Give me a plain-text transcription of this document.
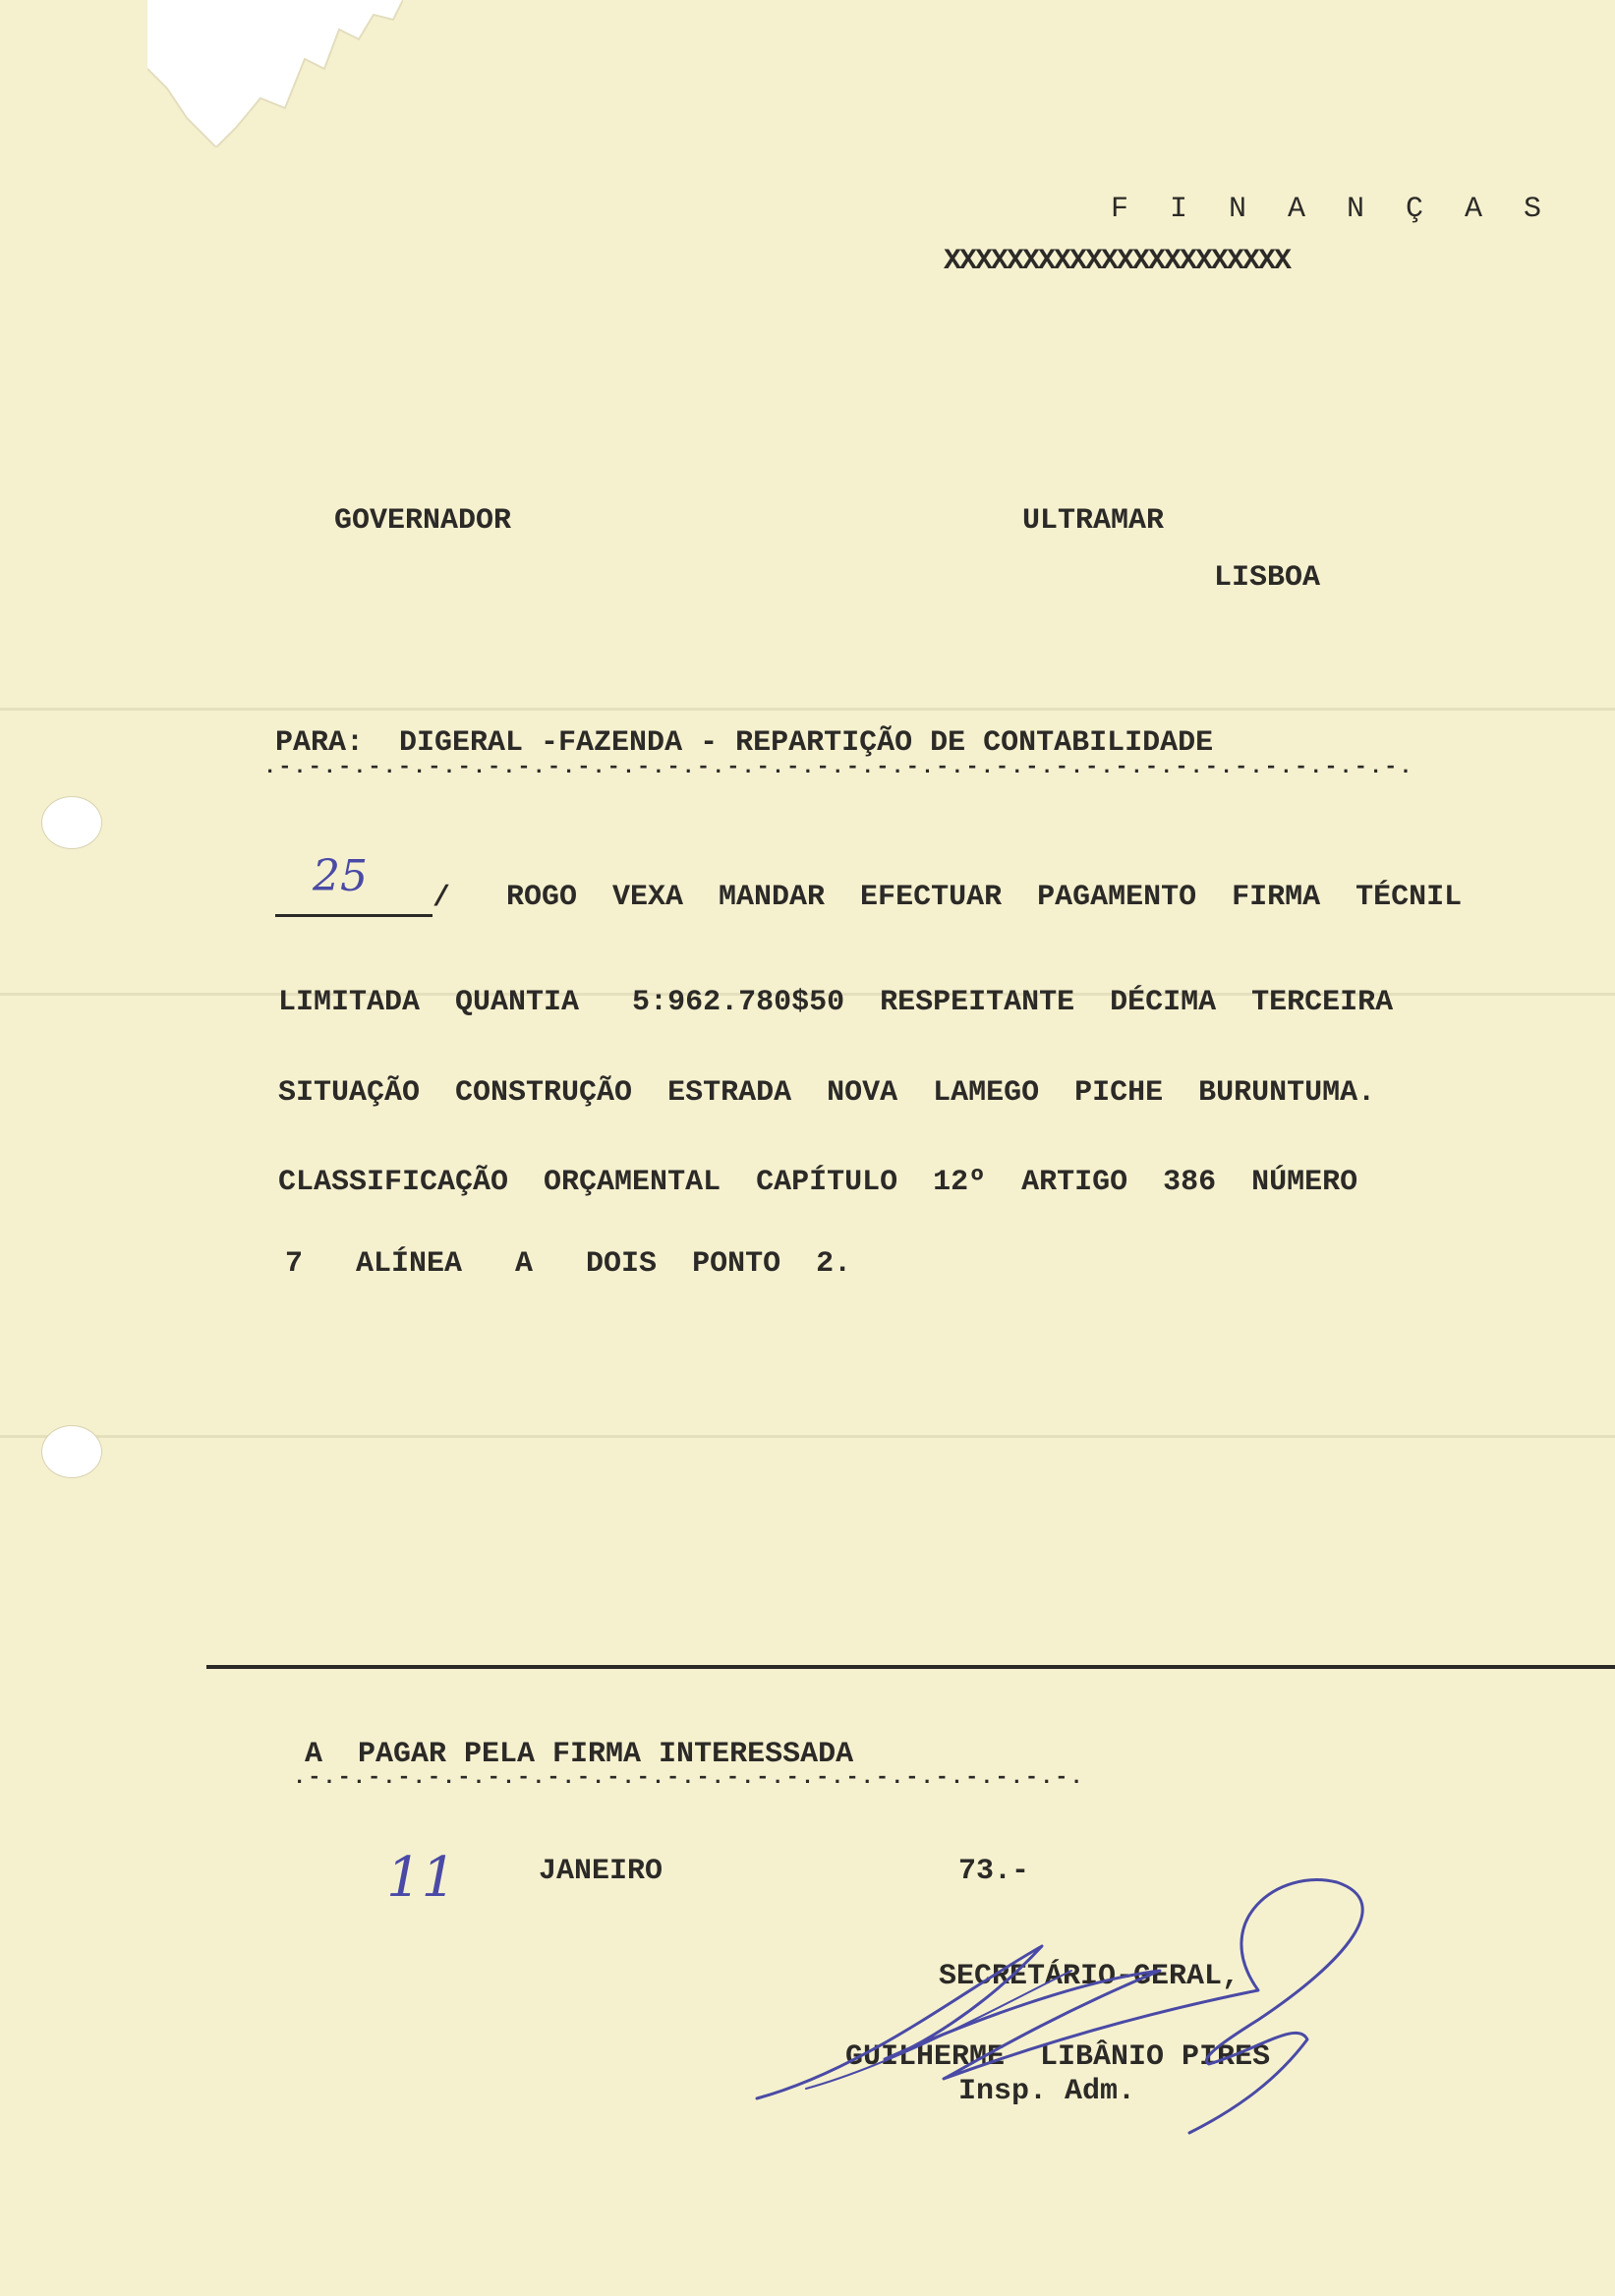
F I N A N Ç A S
XXXXXXXXXXXXXXXXXXXXXX
GOVERNADOR	ULTRAMAR
LISBOA
PARA:  DIGERAL -FAZENDA - REPARTIÇÃO DE CONTABILIDADE
.-.-.-.-.-.-.-.-.-.-.-.-.-.-.-.-.-.-.-.-.-.-.-.-.-.-.-.-.-.-.-.-.-.-.-.-.-.-.
25 / ROGO  VEXA  MANDAR  EFECTUAR  PAGAMENTO  FIRMA  TÉCNIL
LIMITADA  QUANTIA   5:962.780$50  RESPEITANTE  DÉCIMA  TERCEIRA
SITUAÇÃO  CONSTRUÇÃO  ESTRADA  NOVA  LAMEGO  PICHE  BURUNTUMA.
CLASSIFICAÇÃO  ORÇAMENTAL  CAPÍTULO  12º  ARTIGO  386  NÚMERO
7   ALÍNEA   A   DOIS  PONTO  2.
A  PAGAR PELA FIRMA INTERESSADA
.-.-.-.-.-.-.-.-.-.-.-.-.-.-.-.-.-.-.-.-.-.-.-.-.-.-.
11	JANEIRO	73.-
SECRETÁRIO-GERAL,
GUILHERME  LIBÂNIO PIRES
Insp. Adm.
